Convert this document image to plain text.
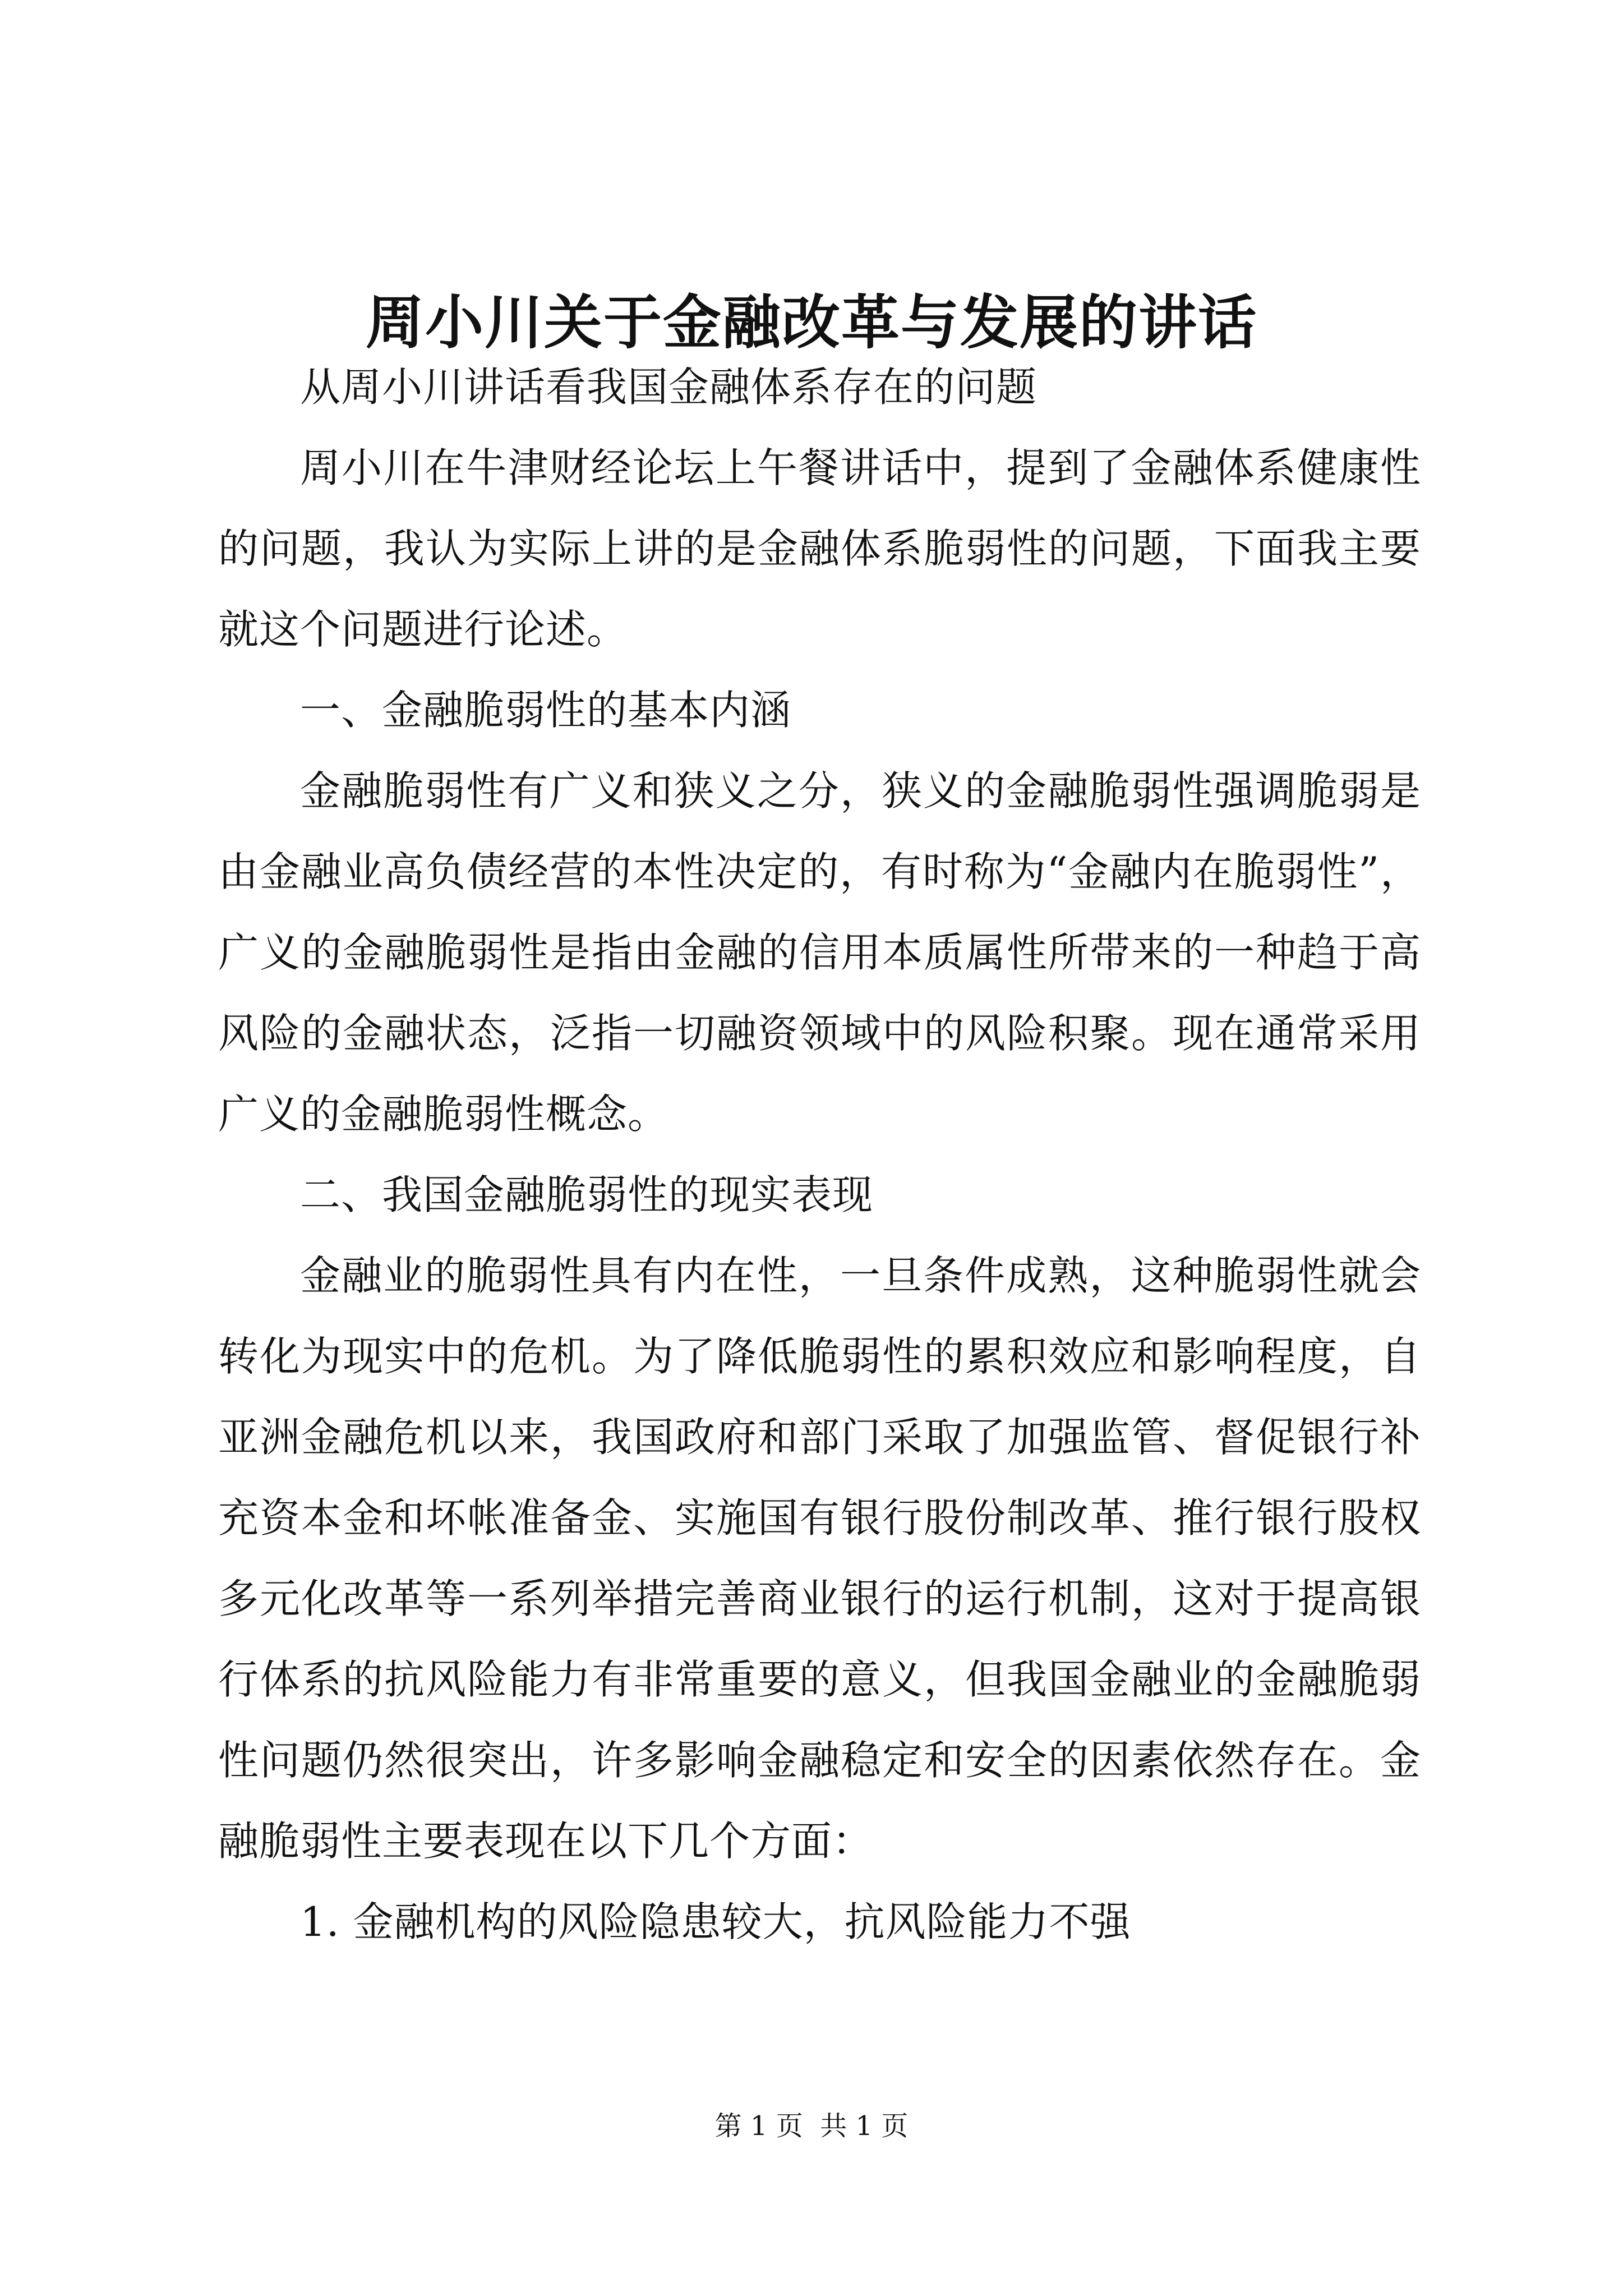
周小川关于金融改革与发展的讲话

从周小川讲话看我国金融体系存在的问题

周小川在牛津财经论坛上午餐讲话中，提到了金融体系健康性的问题，我认为实际上讲的是金融体系脆弱性的问题，下面我主要就这个问题进行论述。

一、金融脆弱性的基本内涵

金融脆弱性有广义和狭义之分，狭义的金融脆弱性强调脆弱是由金融业高负债经营的本性决定的，有时称为“金融内在脆弱性”，广义的金融脆弱性是指由金融的信用本质属性所带来的一种趋于高风险的金融状态，泛指一切融资领域中的风险积聚。现在通常采用广义的金融脆弱性概念。

二、我国金融脆弱性的现实表现

金融业的脆弱性具有内在性，一旦条件成熟，这种脆弱性就会转化为现实中的危机。为了降低脆弱性的累积效应和影响程度，自亚洲金融危机以来，我国政府和部门采取了加强监管、督促银行补充资本金和坏帐准备金、实施国有银行股份制改革、推行银行股权多元化改革等一系列举措完善商业银行的运行机制，这对于提高银行体系的抗风险能力有非常重要的意义，但我国金融业的金融脆弱性问题仍然很突出，许多影响金融稳定和安全的因素依然存在。金融脆弱性主要表现在以下几个方面：

1. 金融机构的风险隐患较大，抗风险能力不强

第 1 页  共 1 页
